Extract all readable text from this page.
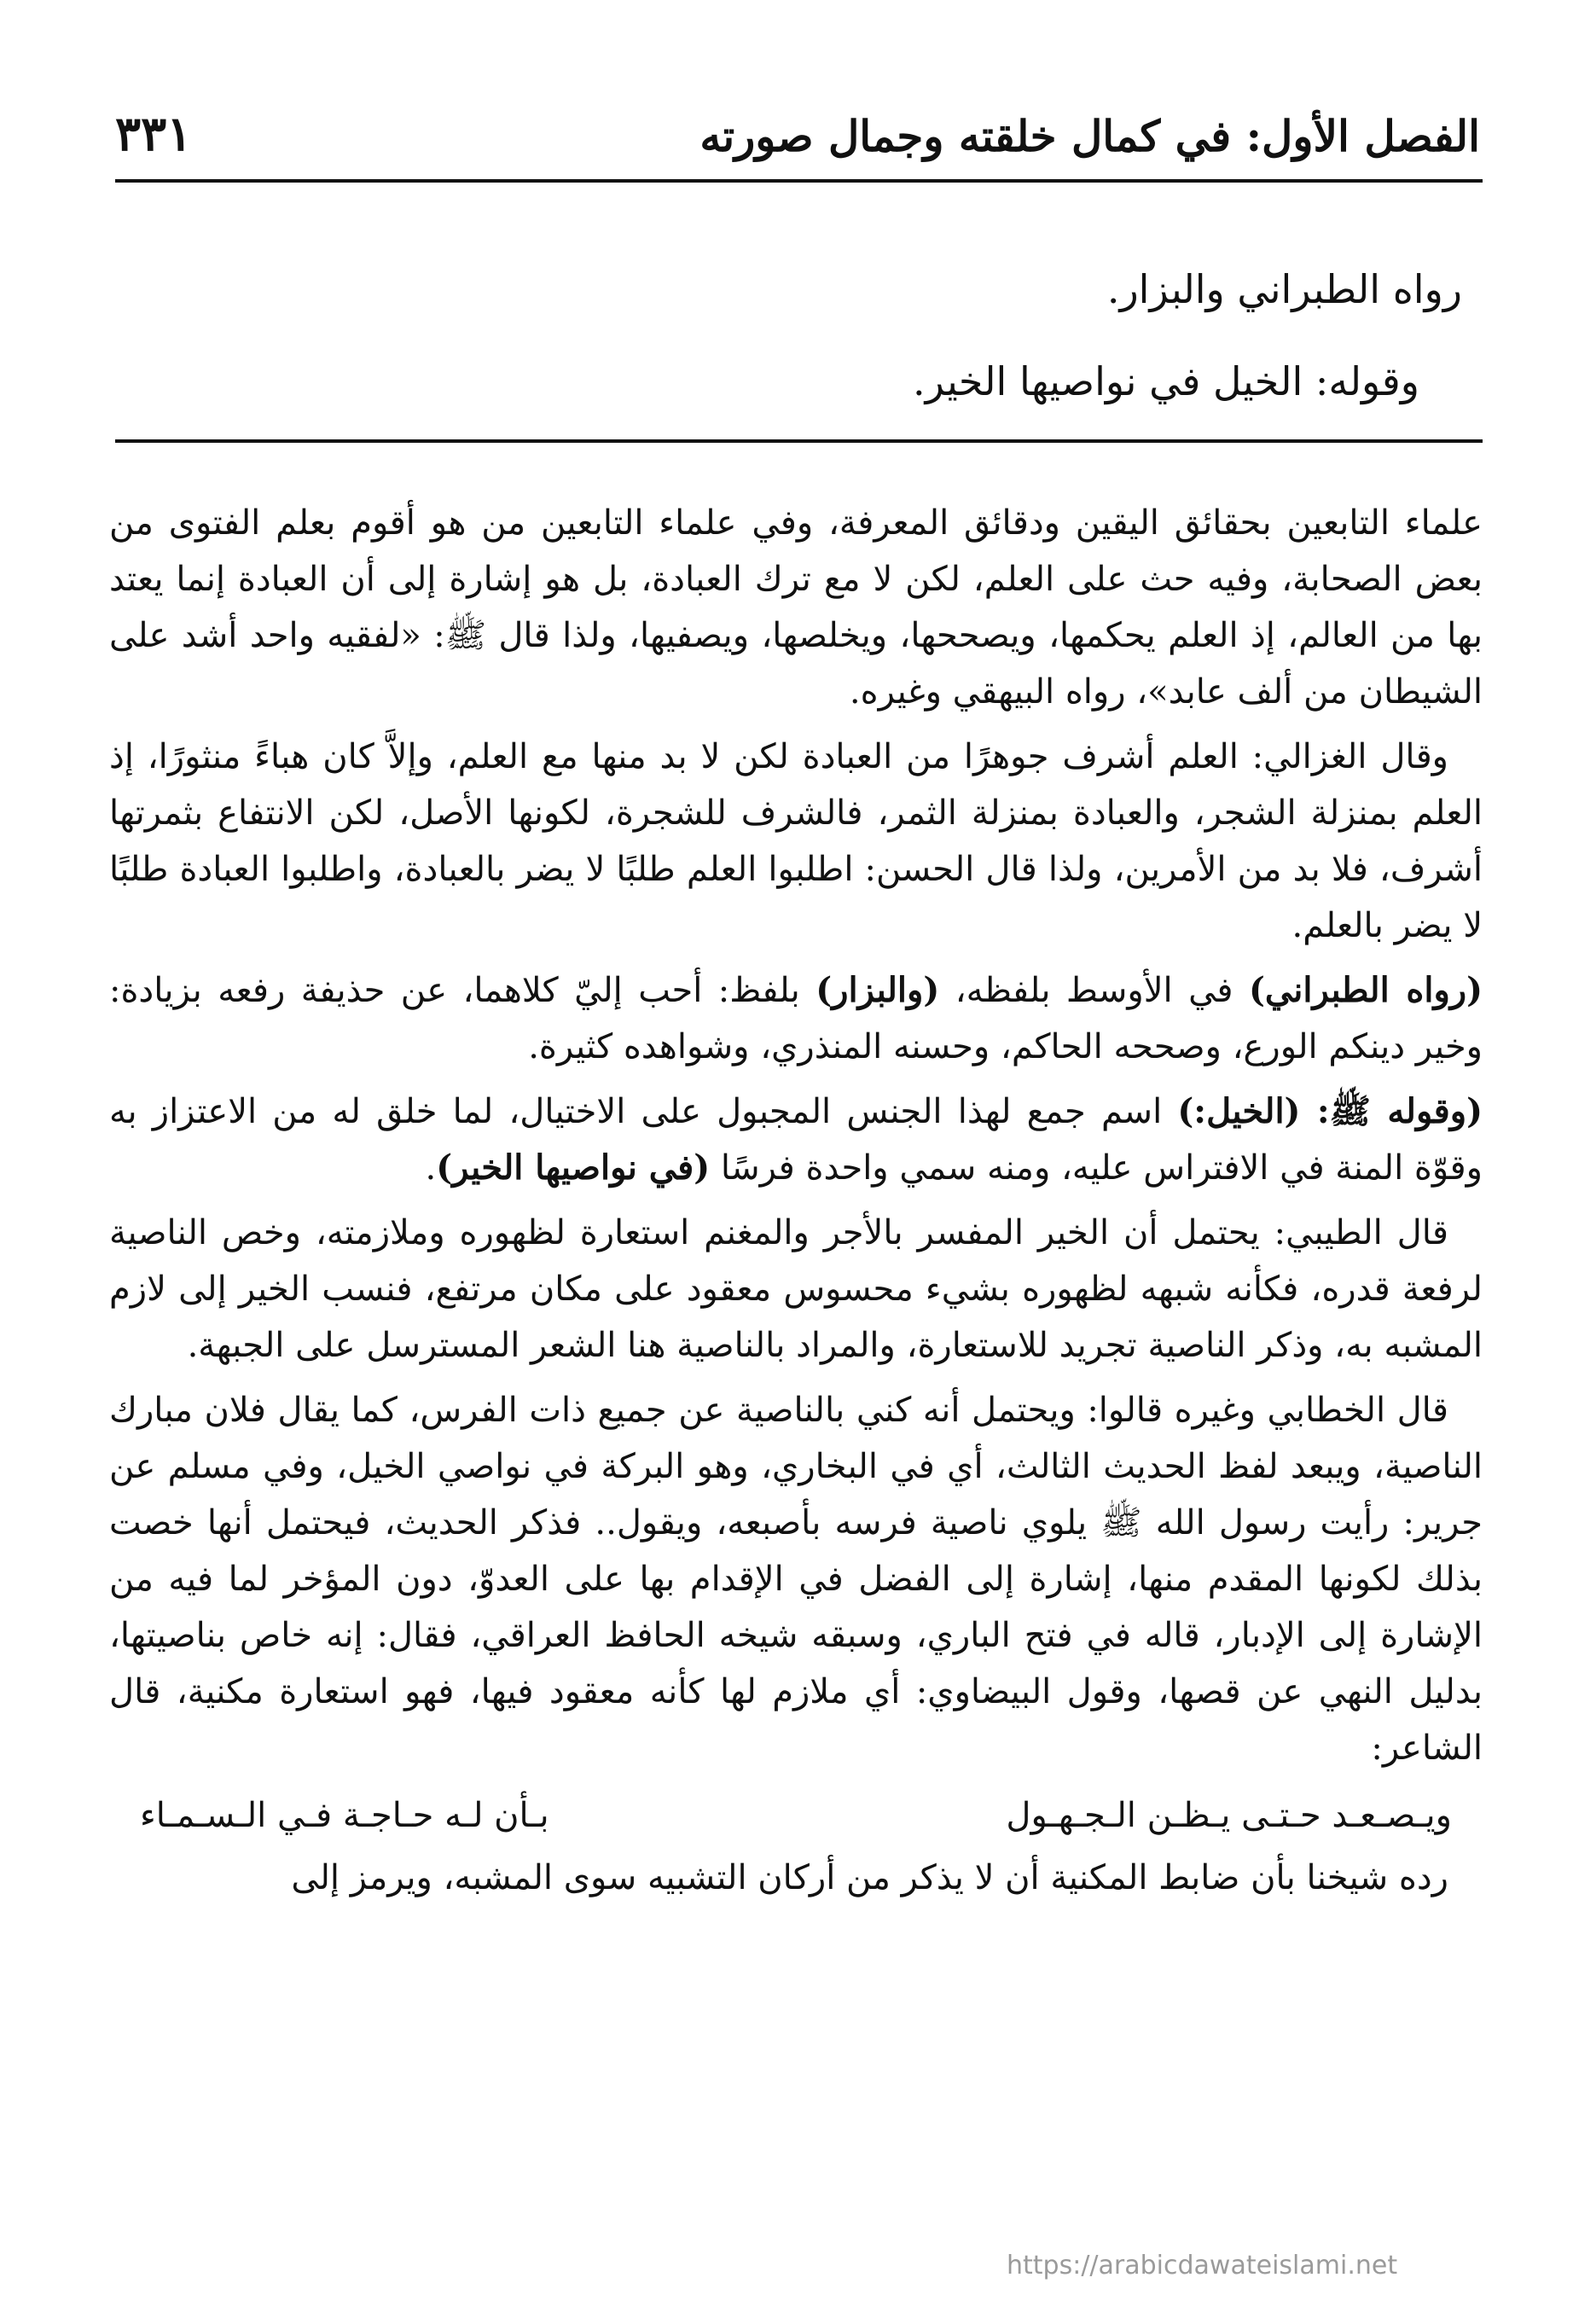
الفصل الأول: في كمال خلقته وجمال صورته
٣٣١
رواه الطبراني والبزار.
وقوله: الخيل في نواصيها الخير.

علماء التابعين بحقائق اليقين ودقائق المعرفة، وفي علماء التابعين من هو أقوم بعلم الفتوى من بعض الصحابة، وفيه حث على العلم، لكن لا مع ترك العبادة، بل هو إشارة إلى أن العبادة إنما يعتد بها من العالم، إذ العلم يحكمها، ويصححها، ويخلصها، ويصفيها، ولذا قال ﷺ: «لفقيه واحد أشد على الشيطان من ألف عابد»، رواه البيهقي وغيره.

وقال الغزالي: العلم أشرف جوهرًا من العبادة لكن لا بد منها مع العلم، وإلاَّ كان هباءً منثورًا، إذ العلم بمنزلة الشجر، والعبادة بمنزلة الثمر، فالشرف للشجرة، لكونها الأصل، لكن الانتفاع بثمرتها أشرف، فلا بد من الأمرين، ولذا قال الحسن: اطلبوا العلم طلبًا لا يضر بالعبادة، واطلبوا العبادة طلبًا لا يضر بالعلم.

(رواه الطبراني) في الأوسط بلفظه، (والبزار) بلفظ: أحب إليّ كلاهما، عن حذيفة رفعه بزيادة: وخير دينكم الورع، وصححه الحاكم، وحسنه المنذري، وشواهده كثيرة.

(وقوله ﷺ: (الخيل:) اسم جمع لهذا الجنس المجبول على الاختيال، لما خلق له من الاعتزاز به وقوّة المنة في الافتراس عليه، ومنه سمي واحدة فرسًا (في نواصيها الخير).

قال الطيبي: يحتمل أن الخير المفسر بالأجر والمغنم استعارة لظهوره وملازمته، وخص الناصية لرفعة قدره، فكأنه شبهه لظهوره بشيء محسوس معقود على مكان مرتفع، فنسب الخير إلى لازم المشبه به، وذكر الناصية تجريد للاستعارة، والمراد بالناصية هنا الشعر المسترسل على الجبهة.

قال الخطابي وغيره قالوا: ويحتمل أنه كني بالناصية عن جميع ذات الفرس، كما يقال فلان مبارك الناصية، ويبعد لفظ الحديث الثالث، أي في البخاري، وهو البركة في نواصي الخيل، وفي مسلم عن جرير: رأيت رسول الله ﷺ يلوي ناصية فرسه بأصبعه، ويقول.. فذكر الحديث، فيحتمل أنها خصت بذلك لكونها المقدم منها، إشارة إلى الفضل في الإقدام بها على العدوّ، دون المؤخر لما فيه من الإشارة إلى الإدبار، قاله في فتح الباري، وسبقه شيخه الحافظ العراقي، فقال: إنه خاص بناصيتها، بدليل النهي عن قصها، وقول البيضاوي: أي ملازم لها كأنه معقود فيها، فهو استعارة مكنية، قال الشاعر:

ويـصـعـد حـتـى يـظـن الـجـهـول
بـأن لـه حـاجـة فـي الـسـمـاء

رده شيخنا بأن ضابط المكنية أن لا يذكر من أركان التشبيه سوى المشبه، ويرمز إلى

https://arabicdawateislami.net
